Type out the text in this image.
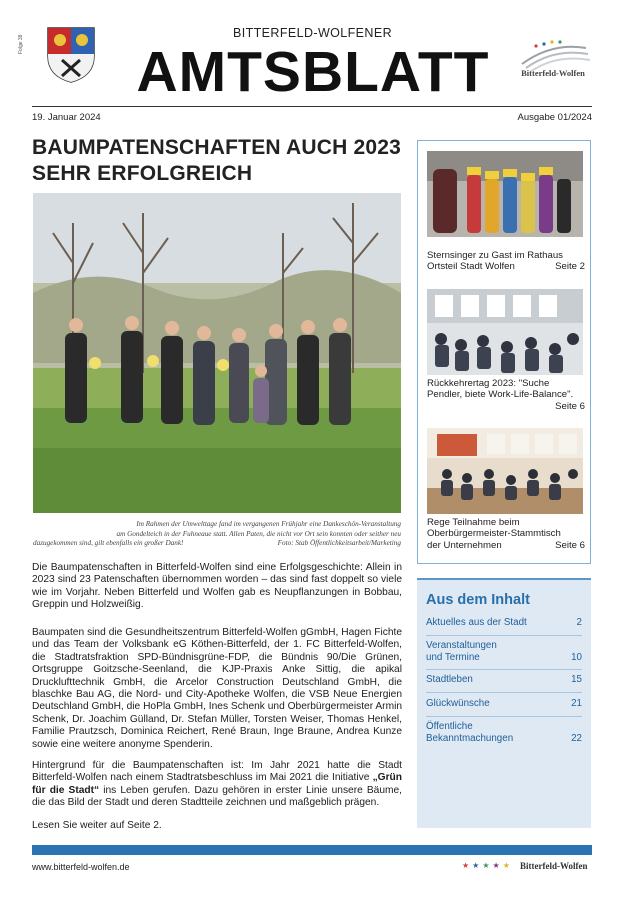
Folge 38
BITTERFELD-WOLFENER
AMTSBLATT	Bitterfeld-Wolfen
19. Januar 2024	Ausgabe 01/2024
BAUMPATENSCHAFTEN AUCH 2023
SEHR ERFOLGREICH
Im Rahmen der Umwelttage fand im vergangenen Frühjahr eine Dankeschön-Veranstaltung
am Gondelteich in der Fuhneaue statt. Allen Paten, die nicht vor Ort sein konnten oder seither neu
dazugekommen sind, gilt ebenfalls ein großer Dank!	Foto: Stab Öffentlichkeitsarbeit/Marketing

Die Baumpatenschaften in Bitterfeld-Wolfen sind eine Erfolgsgeschichte: Allein in 2023 sind 23 Patenschaften übernommen worden – das sind fast doppelt so viele wie im Vorjahr. Neben Bitterfeld und Wolfen gab es Neupflanzungen in Bobbau, Greppin und Holzweißig.

Baumpaten sind die Gesundheitszentrum Bitterfeld-Wolfen gGmbH, Hagen Fichte und das Team der Volksbank eG Köthen-Bitterfeld, der 1. FC Bitterfeld-Wolfen, die Stadtratsfraktion SPD-Bündnisgrüne-FDP, die Bündnis 90/Die Grünen, Ortsgruppe Goitzsche-Seenland, die KJP-Praxis Anke Sittig, die apikal Drucklufttechnik GmbH, die Arcelor Construction Deutschland GmbH, die blaschke Bau AG, die Nord- und City-Apotheke Wolfen, die VSB Neue Energien Deutschland GmbH, die HoPla GmbH, Ines Schenk und Oberbürgermeister Armin Schenk, Dr. Joachim Gülland, Dr. Stefan Müller, Torsten Weiser, Thomas Henkel, Familie Prautzsch, Dominica Reichert, René Braun, Inge Braune, Andrea Kunze sowie eine weitere anonyme Spenderin.

Hintergrund für die Baumpatenschaften ist: Im Jahr 2021 hatte die Stadt Bitterfeld-Wolfen nach einem Stadtratsbeschluss im Mai 2021 die Initiative „Grün für die Stadt“ ins Leben gerufen. Dazu gehören in erster Linie unsere Bäume, die das Bild der Stadt und deren Stadtteile zeichnen und maßgeblich prägen.

Lesen Sie weiter auf Seite 2.

Sternsinger zu Gast im Rathaus
Ortsteil Stadt Wolfen	Seite 2
Rückkehrertag 2023: "Suche
Pendler, biete Work-Life-Balance".
Seite 6
Rege Teilnahme beim
Oberbürgermeister-Stammtisch
der Unternehmen	Seite 6
Aus dem Inhalt
Aktuelles aus der Stadt	2
Veranstaltungen
und Termine	10
Stadtleben	15
Glückwünsche	21
Öffentliche
Bekanntmachungen	22
www.bitterfeld-wolfen.de	★★★★★ Bitterfeld-Wolfen
